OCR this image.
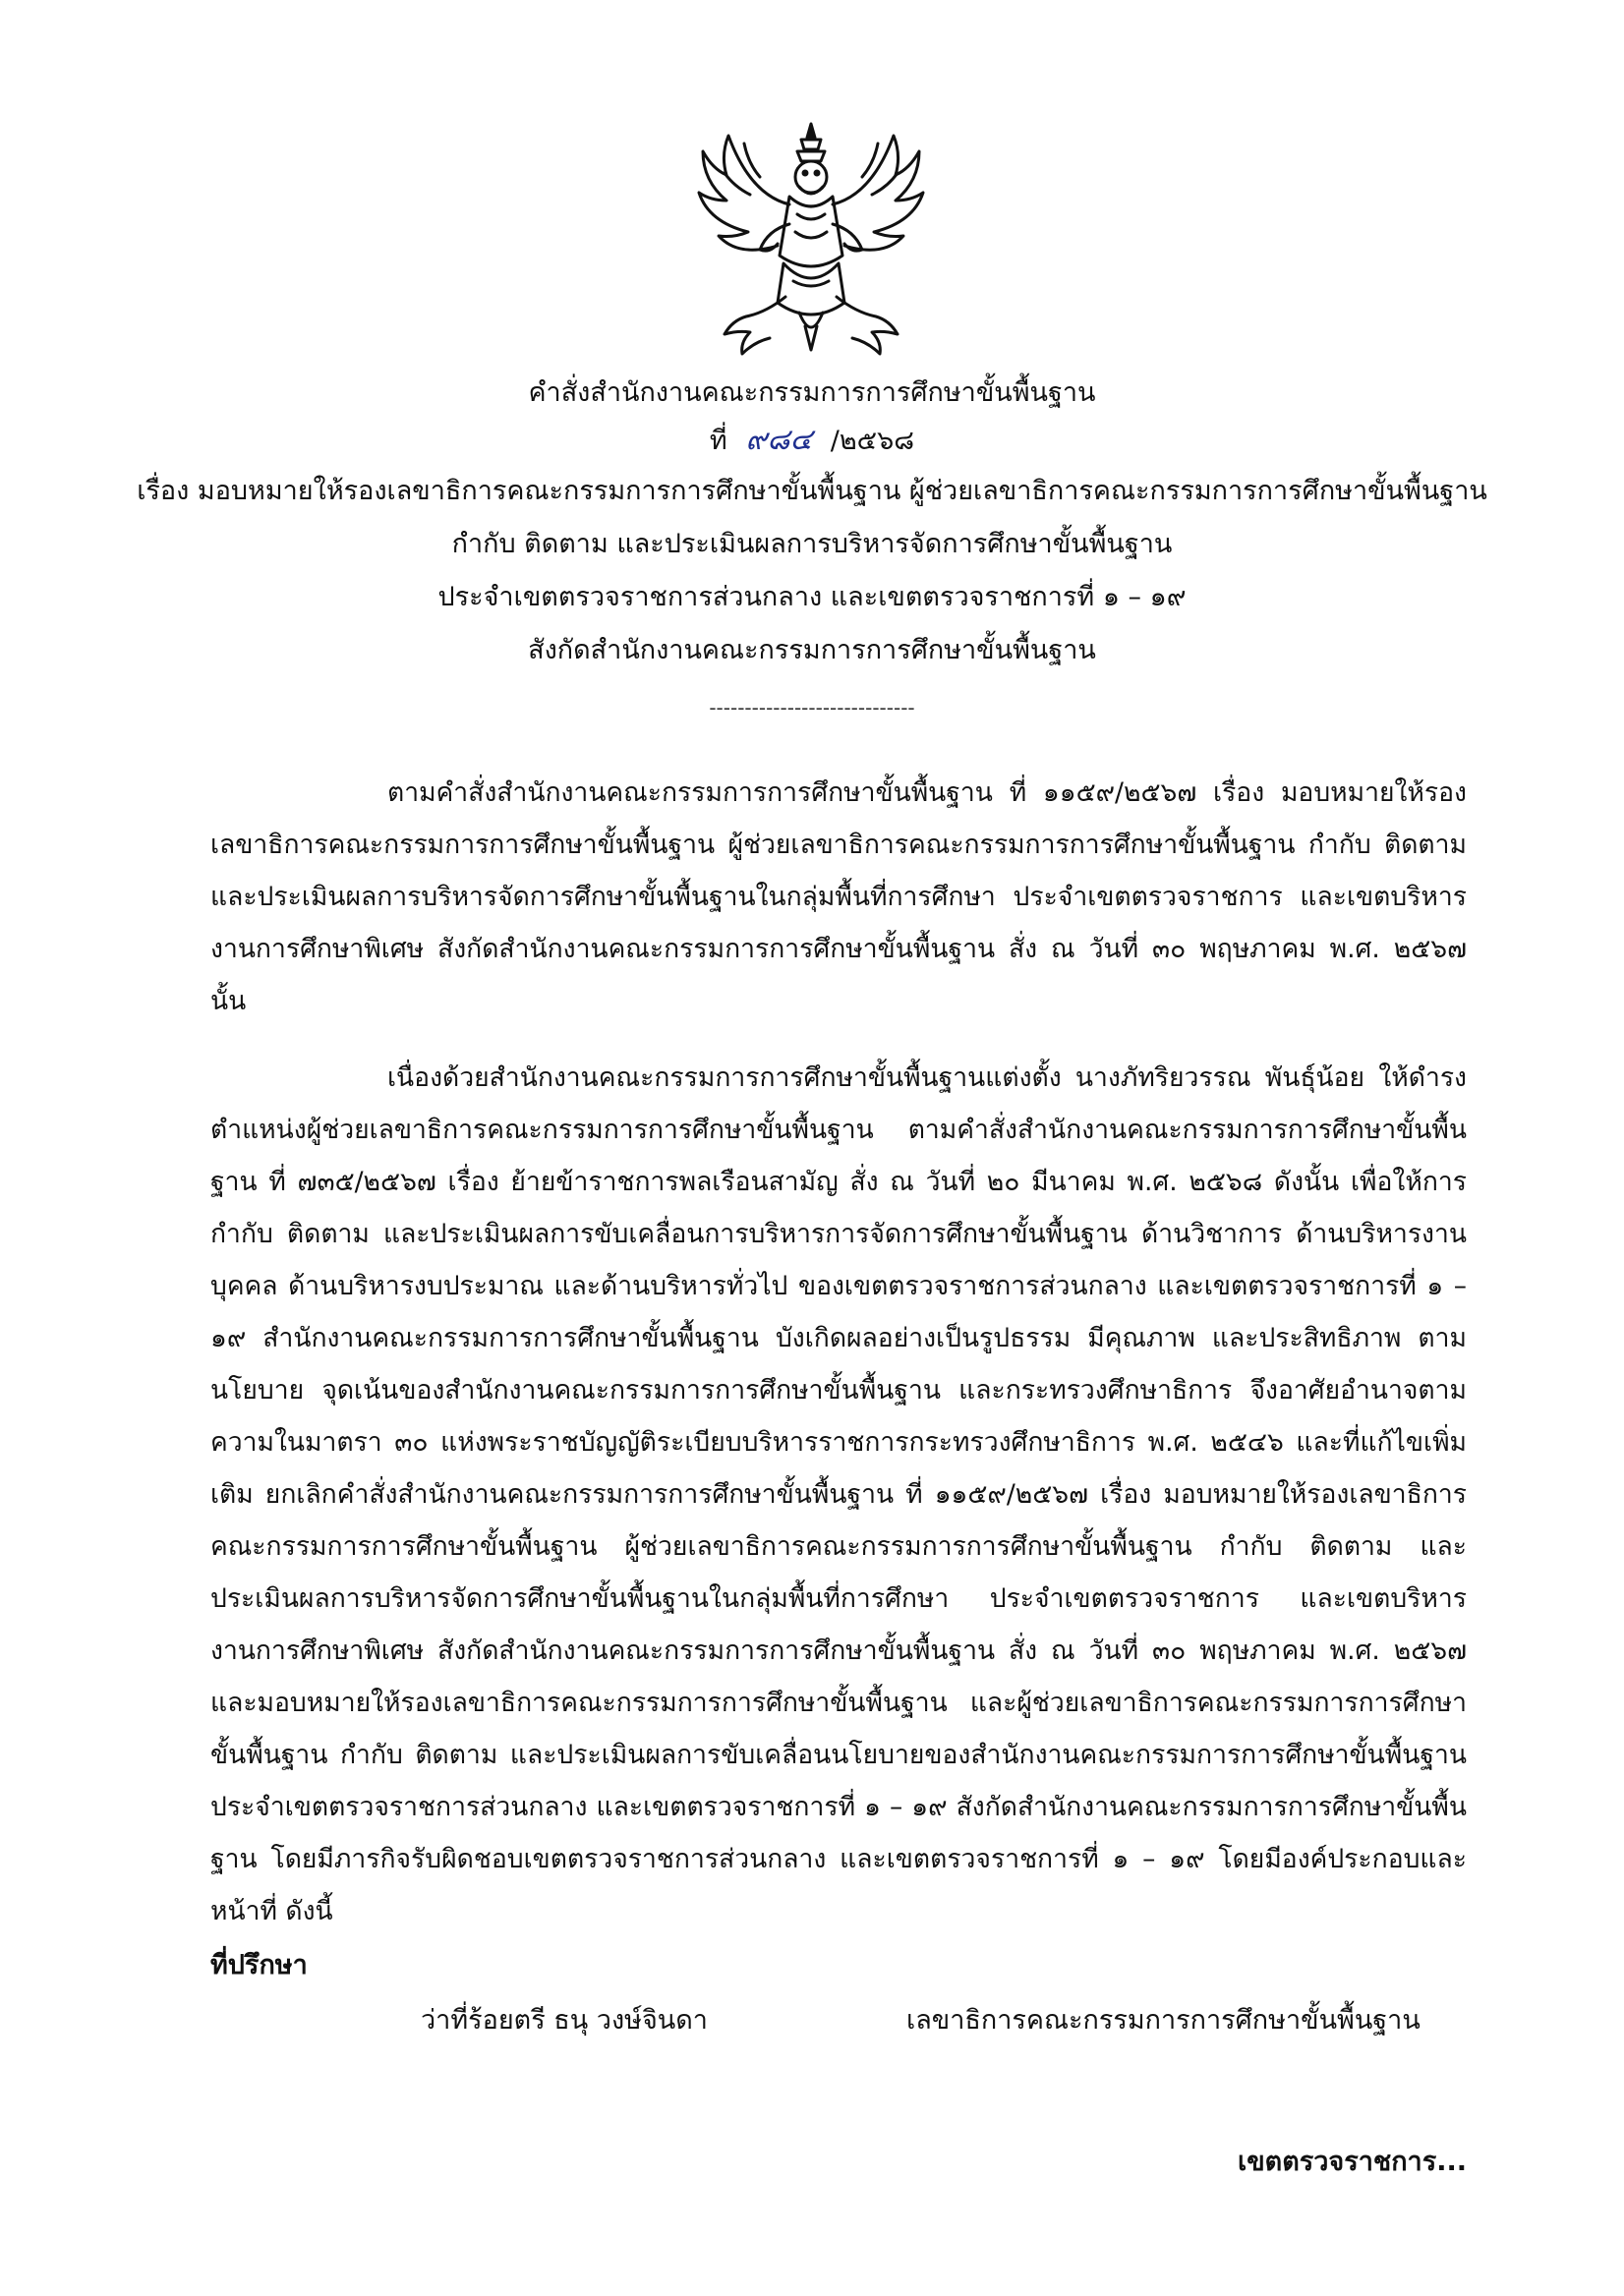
คำสั่งสำนักงานคณะกรรมการการศึกษาขั้นพื้นฐาน
ที่ ๙๘๔ /๒๕๖๘
เรื่อง มอบหมายให้รองเลขาธิการคณะกรรมการการศึกษาขั้นพื้นฐาน ผู้ช่วยเลขาธิการคณะกรรมการการศึกษาขั้นพื้นฐาน
กำกับ ติดตาม และประเมินผลการบริหารจัดการศึกษาขั้นพื้นฐาน
ประจำเขตตรวจราชการส่วนกลาง และเขตตรวจราชการที่ ๑ – ๑๙
สังกัดสำนักงานคณะกรรมการการศึกษาขั้นพื้นฐาน
-----------------------------

ตามคำสั่งสำนักงานคณะกรรมการการศึกษาขั้นพื้นฐาน ที่ ๑๑๕๙/๒๕๖๗ เรื่อง มอบหมายให้รองเลขาธิการคณะกรรมการการศึกษาขั้นพื้นฐาน ผู้ช่วยเลขาธิการคณะกรรมการการศึกษาขั้นพื้นฐาน กำกับ ติดตาม และประเมินผลการบริหารจัดการศึกษาขั้นพื้นฐานในกลุ่มพื้นที่การศึกษา ประจำเขตตรวจราชการ และเขตบริหารงานการศึกษาพิเศษ สังกัดสำนักงานคณะกรรมการการศึกษาขั้นพื้นฐาน สั่ง ณ วันที่ ๓๐ พฤษภาคม พ.ศ. ๒๕๖๗ นั้น

เนื่องด้วยสำนักงานคณะกรรมการการศึกษาขั้นพื้นฐานแต่งตั้ง นางภัทริยวรรณ พันธุ์น้อย ให้ดำรงตำแหน่งผู้ช่วยเลขาธิการคณะกรรมการการศึกษาขั้นพื้นฐาน ตามคำสั่งสำนักงานคณะกรรมการการศึกษาขั้นพื้นฐาน ที่ ๗๓๕/๒๕๖๗ เรื่อง ย้ายข้าราชการพลเรือนสามัญ สั่ง ณ วันที่ ๒๐ มีนาคม พ.ศ. ๒๕๖๘ ดังนั้น เพื่อให้การกำกับ ติดตาม และประเมินผลการขับเคลื่อนการบริหารการจัดการศึกษาขั้นพื้นฐาน ด้านวิชาการ ด้านบริหารงานบุคคล ด้านบริหารงบประมาณ และด้านบริหารทั่วไป ของเขตตรวจราชการส่วนกลาง และเขตตรวจราชการที่ ๑ – ๑๙ สำนักงานคณะกรรมการการศึกษาขั้นพื้นฐาน บังเกิดผลอย่างเป็นรูปธรรม มีคุณภาพ และประสิทธิภาพ ตามนโยบาย จุดเน้นของสำนักงานคณะกรรมการการศึกษาขั้นพื้นฐาน และกระทรวงศึกษาธิการ จึงอาศัยอำนาจตามความในมาตรา ๓๐ แห่งพระราชบัญญัติระเบียบบริหารราชการกระทรวงศึกษาธิการ พ.ศ. ๒๕๔๖ และที่แก้ไขเพิ่มเติม ยกเลิกคำสั่งสำนักงานคณะกรรมการการศึกษาขั้นพื้นฐาน ที่ ๑๑๕๙/๒๕๖๗ เรื่อง มอบหมายให้รองเลขาธิการคณะกรรมการการศึกษาขั้นพื้นฐาน ผู้ช่วยเลขาธิการคณะกรรมการการศึกษาขั้นพื้นฐาน กำกับ ติดตาม และประเมินผลการบริหารจัดการศึกษาขั้นพื้นฐานในกลุ่มพื้นที่การศึกษา ประจำเขตตรวจราชการ และเขตบริหารงานการศึกษาพิเศษ สังกัดสำนักงานคณะกรรมการการศึกษาขั้นพื้นฐาน สั่ง ณ วันที่ ๓๐ พฤษภาคม พ.ศ. ๒๕๖๗ และมอบหมายให้รองเลขาธิการคณะกรรมการการศึกษาขั้นพื้นฐาน และผู้ช่วยเลขาธิการคณะกรรมการการศึกษาขั้นพื้นฐาน กำกับ ติดตาม และประเมินผลการขับเคลื่อนนโยบายของสำนักงานคณะกรรมการการศึกษาขั้นพื้นฐาน ประจำเขตตรวจราชการส่วนกลาง และเขตตรวจราชการที่ ๑ – ๑๙ สังกัดสำนักงานคณะกรรมการการศึกษาขั้นพื้นฐาน โดยมีภารกิจรับผิดชอบเขตตรวจราชการส่วนกลาง และเขตตรวจราชการที่ ๑ – ๑๙ โดยมีองค์ประกอบและหน้าที่ ดังนี้

ที่ปรึกษา
ว่าที่ร้อยตรี ธนุ วงษ์จินดา	เลขาธิการคณะกรรมการการศึกษาขั้นพื้นฐาน
เขตตรวจราชการ...
